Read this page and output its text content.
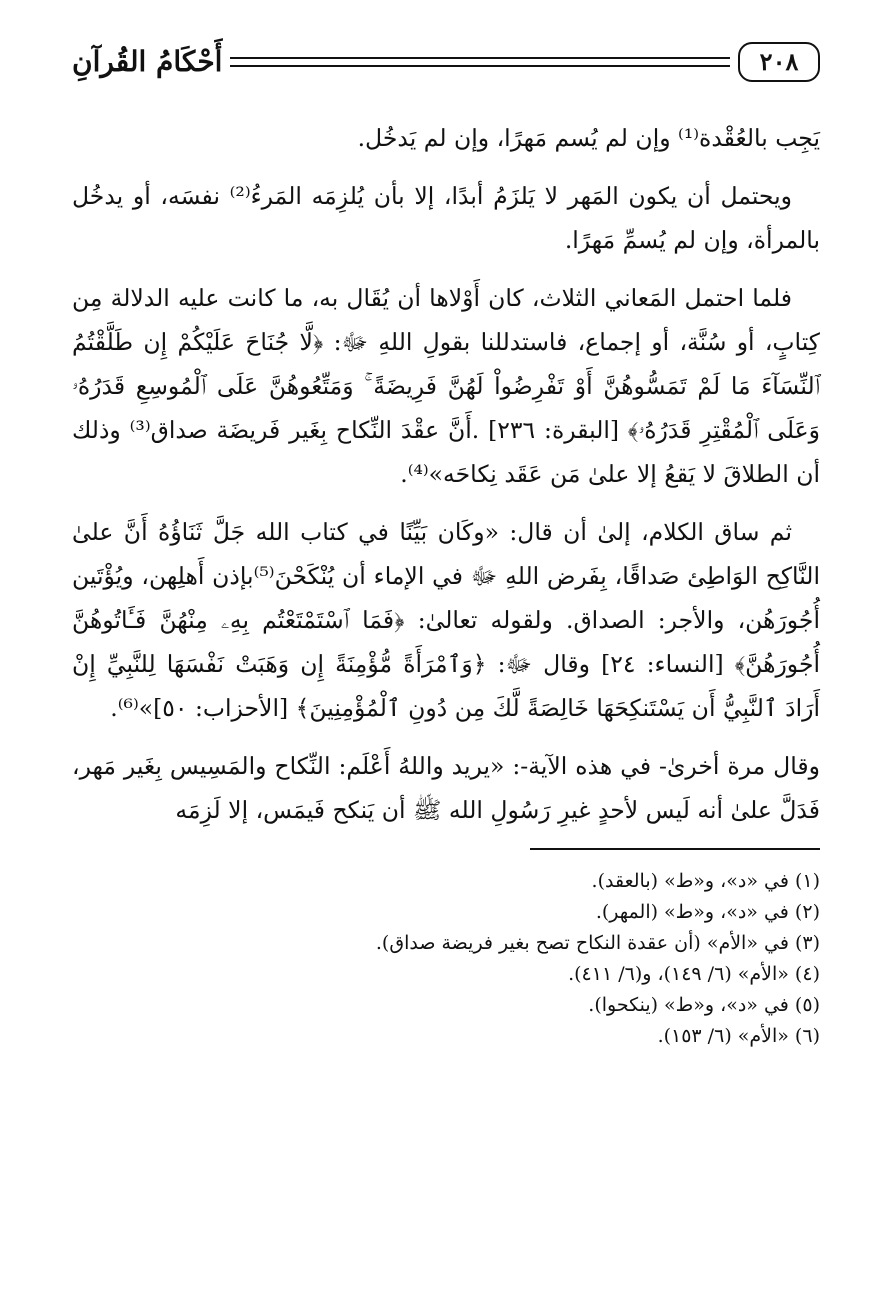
٢٠٨
أَحْكَامُ القُرآنِ

يَجِب بالعُقْدة⁽¹⁾ وإن لم يُسم مَهرًا، وإن لم يَدخُل.

ويحتمل أن يكون المَهر لا يَلزَمُ أبدًا، إلا بأن يُلزِمَه المَرءُ⁽²⁾ نفسَه، أو يدخُل بالمرأة، وإن لم يُسمِّ مَهرًا.

فلما احتمل المَعاني الثلاث، كان أَوْلاها أن يُقَال به، ما كانت عليه الدلالة مِن كِتابٍ، أو سُنَّة، أو إجماع، فاستدللنا بقولِ اللهِ ﷻ: ﴿لَّا جُنَاحَ عَلَيْكُمْ إِن طَلَّقْتُمُ ٱلنِّسَآءَ مَا لَمْ تَمَسُّوهُنَّ أَوْ تَفْرِضُواْ لَهُنَّ فَرِيضَةً ۚ وَمَتِّعُوهُنَّ عَلَى ٱلْمُوسِعِ قَدَرُهُۥ وَعَلَى ٱلْمُقْتِرِ قَدَرُهُۥ﴾ [البقرة: ٢٣٦] .أَنَّ عقْدَ النِّكاح بِغَير فَريضَة صداق⁽³⁾ وذلك أن الطلاقَ لا يَقعُ إلا علىٰ مَن عَقَد نِكاحَه»⁽⁴⁾.

ثم ساق الكلام، إلىٰ أن قال: «وكَان بَيِّنًا في كتاب الله جَلَّ ثَنَاؤُهُ أَنَّ علىٰ النَّاكِح الوَاطِئ صَداقًا، بِفَرض اللهِ ﷻ في الإماء أن يُنْكَحْنَ⁽⁵⁾بإذن أَهلِهن، ويُؤْتَين أُجُورَهُن، والأجر: الصداق. ولقوله تعالىٰ: ﴿فَمَا ٱسْتَمْتَعْتُم بِهِۦ مِنْهُنَّ فَـَٔاتُوهُنَّ أُجُورَهُنَّ﴾ [النساء: ٢٤] وقال ﷻ: ﴿وَٱمْرَأَةً مُّؤْمِنَةً إِن وَهَبَتْ نَفْسَهَا لِلنَّبِيِّ إِنْ أَرَادَ ٱلنَّبِيُّ أَن يَسْتَنكِحَهَا خَالِصَةً لَّكَ مِن دُونِ ٱلْمُؤْمِنِينَ﴾ [الأحزاب: ٥٠]»⁽⁶⁾.

وقال مرة أخرىٰ- في هذه الآية-: «يريد واللهُ أَعْلَم: النِّكاح والمَسِيس بِغَير مَهر، فَدَلَّ علىٰ أنه لَيس لأحدٍ غيرِ رَسُولِ الله ﷺ أن يَنكح فَيمَس، إلا لَزِمَه

(١) في «د»، و«ط» (بالعقد).

(٢) في «د»، و«ط» (المهر).

(٣) في «الأم» (أن عقدة النكاح تصح بغير فريضة صداق).

(٤) «الأم» (٦/ ١٤٩)، و(٦/ ٤١١).

(٥) في «د»، و«ط» (ينكحوا).

(٦) «الأم» (٦/ ١٥٣).
